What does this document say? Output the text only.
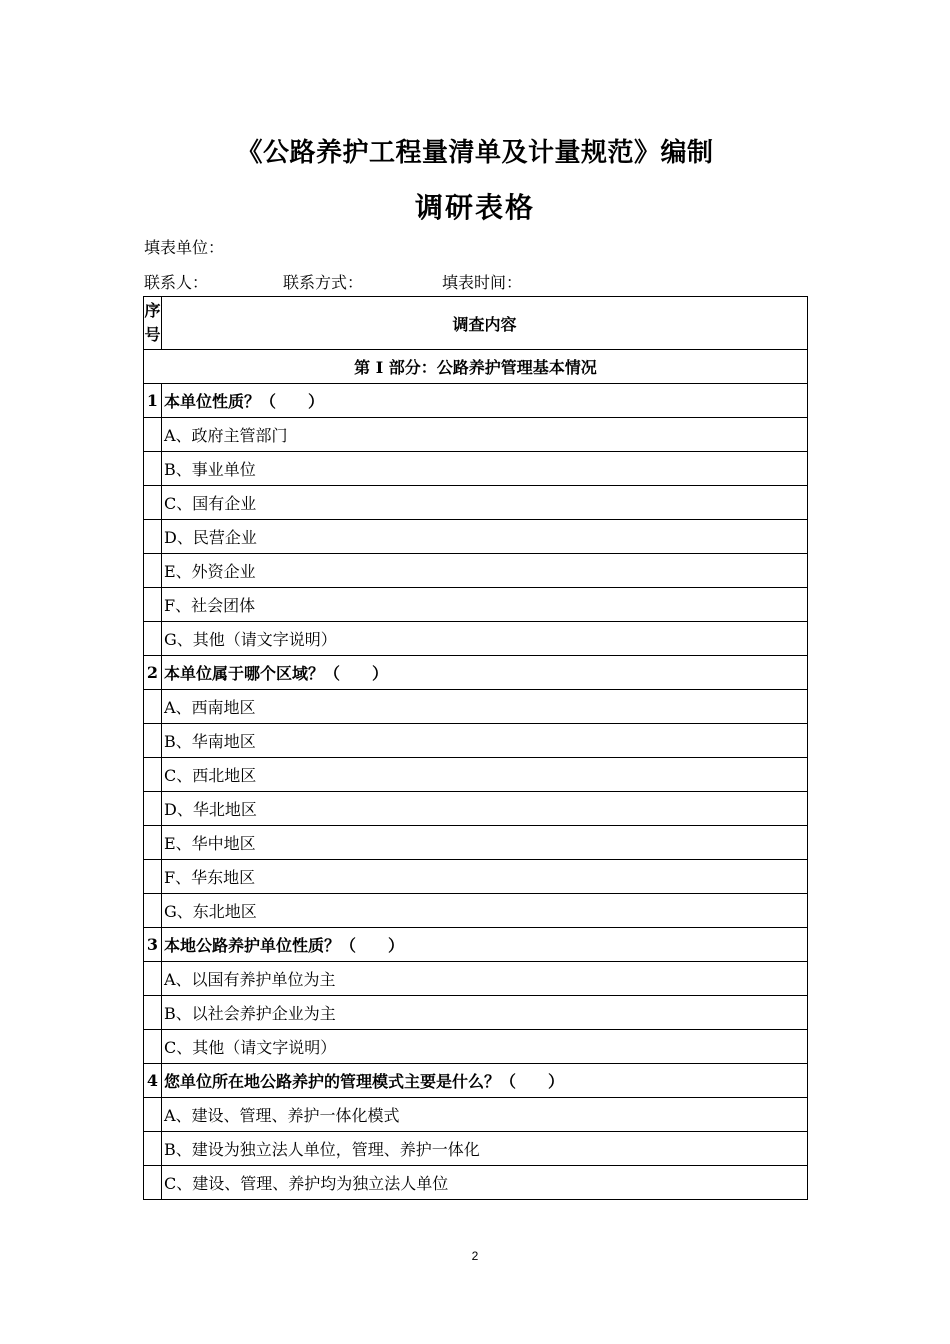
《公路养护工程量清单及计量规范》编制
调研表格
填表单位：
联系人：	联系方式：	填表时间：
序
号	调查内容
第 I 部分：公路养护管理基本情况	
1	本单位性质？（　　）
	A、政府主管部门
	B、事业单位
	C、国有企业
	D、民营企业
	E、外资企业
	F、社会团体
	G、其他（请文字说明）
2	本单位属于哪个区域？（　　）
	A、西南地区
	B、华南地区
	C、西北地区
	D、华北地区
	E、华中地区
	F、华东地区
	G、东北地区
3	本地公路养护单位性质？（　　）
	A、以国有养护单位为主
	B、以社会养护企业为主
	C、其他（请文字说明）
4	您单位所在地公路养护的管理模式主要是什么？（　　）
	A、建设、管理、养护一体化模式
	B、建设为独立法人单位，管理、养护一体化
	C、建设、管理、养护均为独立法人单位
2
